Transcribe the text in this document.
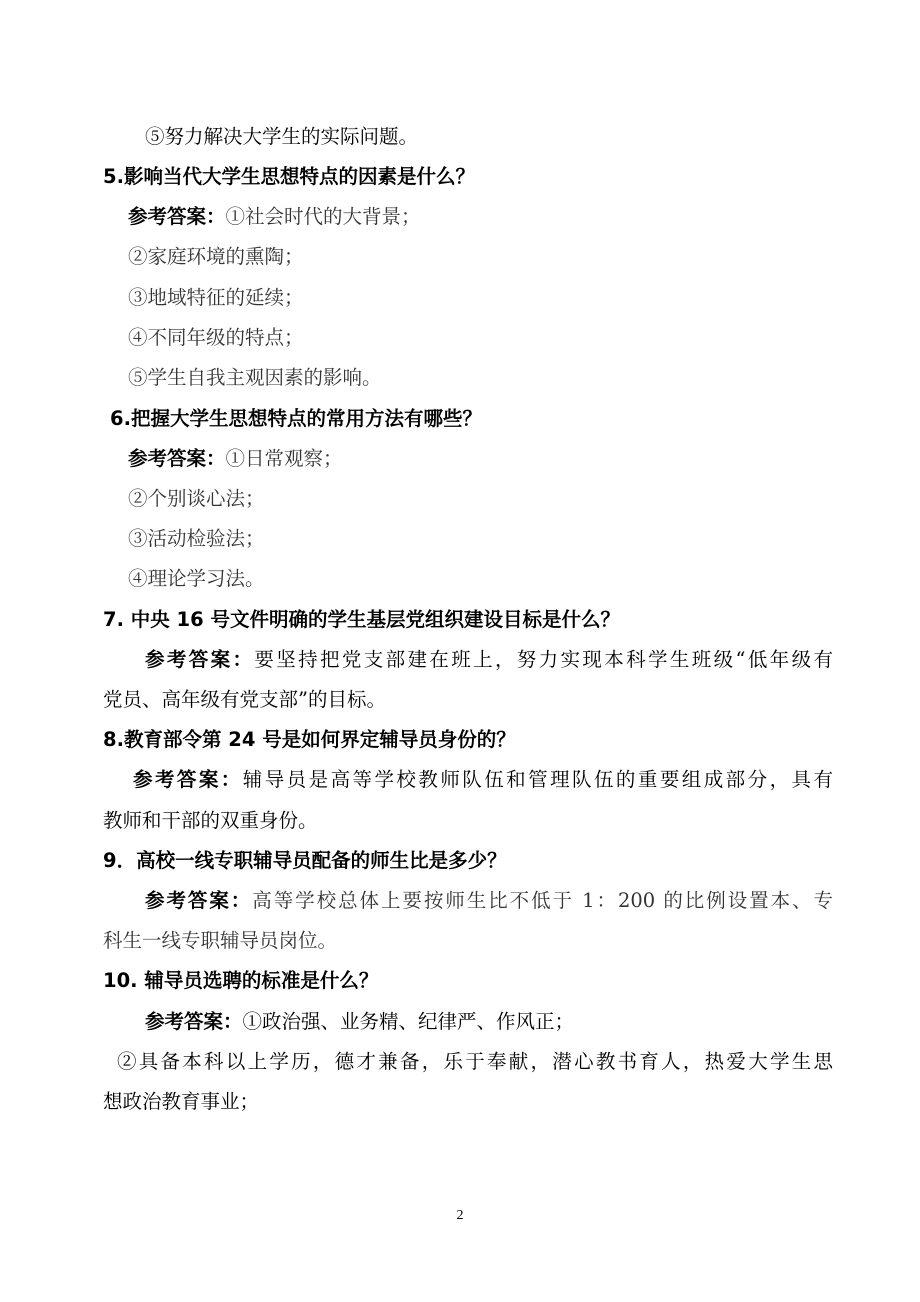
⑤努力解决大学生的实际问题。
5.影响当代大学生思想特点的因素是什么？
参考答案：①社会时代的大背景；
②家庭环境的熏陶；
③地域特征的延续；
④不同年级的特点；
⑤学生自我主观因素的影响。
6.把握大学生思想特点的常用方法有哪些？
参考答案：①日常观察；
②个别谈心法；
③活动检验法；
④理论学习法。
7. 中央 16 号文件明确的学生基层党组织建设目标是什么？
参考答案：要坚持把党支部建在班上，努力实现本科学生班级“低年级有
党员、高年级有党支部”的目标。
8.教育部令第 24 号是如何界定辅导员身份的？
参考答案：辅导员是高等学校教师队伍和管理队伍的重要组成部分，具有
教师和干部的双重身份。
9．高校一线专职辅导员配备的师生比是多少？
参考答案：高等学校总体上要按师生比不低于 1：200 的比例设置本、专
科生一线专职辅导员岗位。
10. 辅导员选聘的标准是什么？
参考答案：①政治强、业务精、纪律严、作风正；
②具备本科以上学历，德才兼备，乐于奉献，潜心教书育人，热爱大学生思
想政治教育事业；
2
